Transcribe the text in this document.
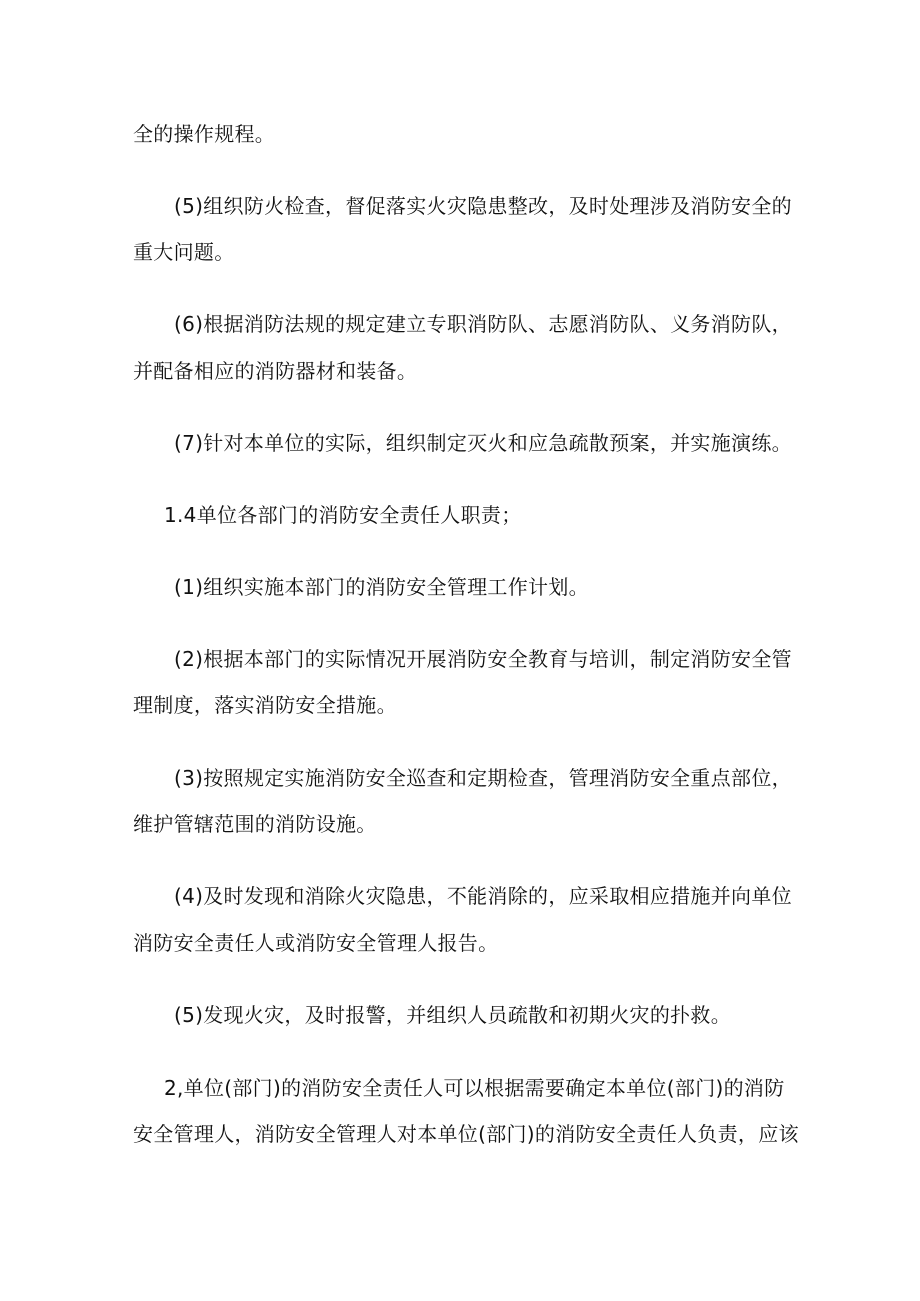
全的操作规程。
(5)组织防火检查，督促落实火灾隐患整改，及时处理涉及消防安全的
重大问题。
(6)根据消防法规的规定建立专职消防队、志愿消防队、义务消防队，
并配备相应的消防器材和装备。
(7)针对本单位的实际，组织制定灭火和应急疏散预案，并实施演练。
1.4单位各部门的消防安全责任人职责；
(1)组织实施本部门的消防安全管理工作计划。
(2)根据本部门的实际情况开展消防安全教育与培训，制定消防安全管
理制度，落实消防安全措施。
(3)按照规定实施消防安全巡查和定期检查，管理消防安全重点部位，
维护管辖范围的消防设施。
(4)及时发现和消除火灾隐患，不能消除的，应采取相应措施并向单位
消防安全责任人或消防安全管理人报告。
(5)发现火灾，及时报警，并组织人员疏散和初期火灾的扑救。
2,单位(部门)的消防安全责任人可以根据需要确定本单位(部门)的消防
安全管理人，消防安全管理人对本单位(部门)的消防安全责任人负责，应该
